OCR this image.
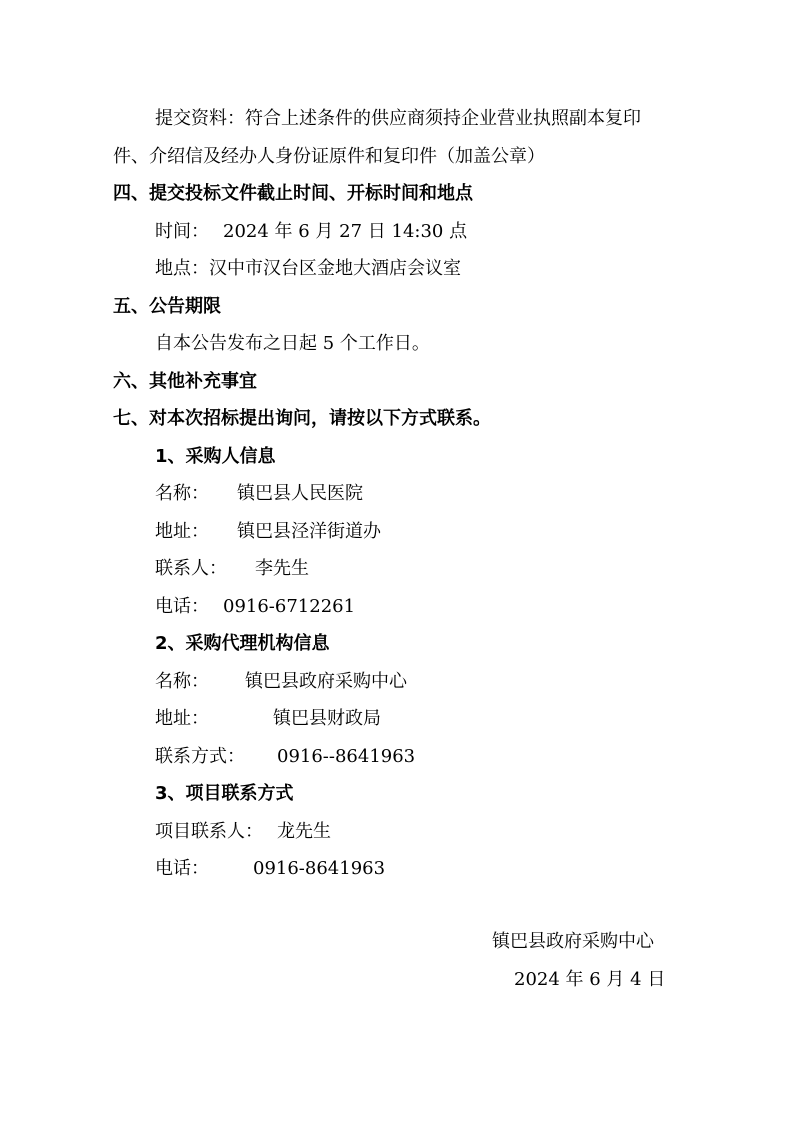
提交资料：符合上述条件的供应商须持企业营业执照副本复印
件、介绍信及经办人身份证原件和复印件（加盖公章）
四、提交投标文件截止时间、开标时间和地点
时间： 2024 年 6 月 27 日 14:30 点
地点：汉中市汉台区金地大酒店会议室
五、公告期限
自本公告发布之日起 5 个工作日。
六、其他补充事宜
七、对本次招标提出询问，请按以下方式联系。
1、采购人信息
名称： 镇巴县人民医院
地址： 镇巴县泾洋街道办
联系人： 李先生
电话： 0916-6712261
2、采购代理机构信息
名称： 镇巴县政府采购中心
地址：	镇巴县财政局
联系方式： 0916--8641963
3、项目联系方式
项目联系人： 龙先生
电话： 0916-8641963
镇巴县政府采购中心
2024 年 6 月 4 日
